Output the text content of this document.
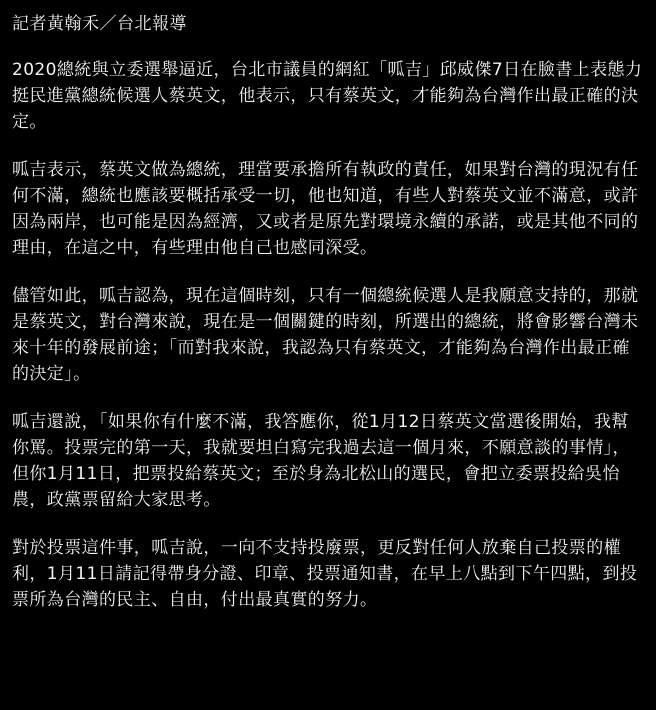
記者黃翰禾／台北報導

2020總統與立委選舉逼近，台北市議員的網紅「呱吉」邱威傑7日在臉書上表態力挺民進黨總統候選人蔡英文，他表示，只有蔡英文，才能夠為台灣作出最正確的決定。

呱吉表示，蔡英文做為總統，理當要承擔所有執政的責任，如果對台灣的現況有任何不滿，總統也應該要概括承受一切，他也知道，有些人對蔡英文並不滿意，或許因為兩岸，也可能是因為經濟，又或者是原先對環境永續的承諾，或是其他不同的理由，在這之中，有些理由他自己也感同深受。

儘管如此，呱吉認為，現在這個時刻，只有一個總統候選人是我願意支持的，那就是蔡英文，對台灣來說，現在是一個關鍵的時刻，所選出的總統，將會影響台灣未來十年的發展前途；「而對我來說，我認為只有蔡英文，才能夠為台灣作出最正確的決定」。

呱吉還說，「如果你有什麼不滿，我答應你，從1月12日蔡英文當選後開始，我幫你罵。投票完的第一天，我就要坦白寫完我過去這一個月來，不願意談的事情」，但你1月11日，把票投給蔡英文；至於身為北松山的選民，會把立委票投給吳怡農，政黨票留給大家思考。

對於投票這件事，呱吉說，一向不支持投廢票，更反對任何人放棄自己投票的權利，1月11日請記得帶身分證、印章、投票通知書，在早上八點到下午四點，到投票所為台灣的民主、自由，付出最真實的努力。
